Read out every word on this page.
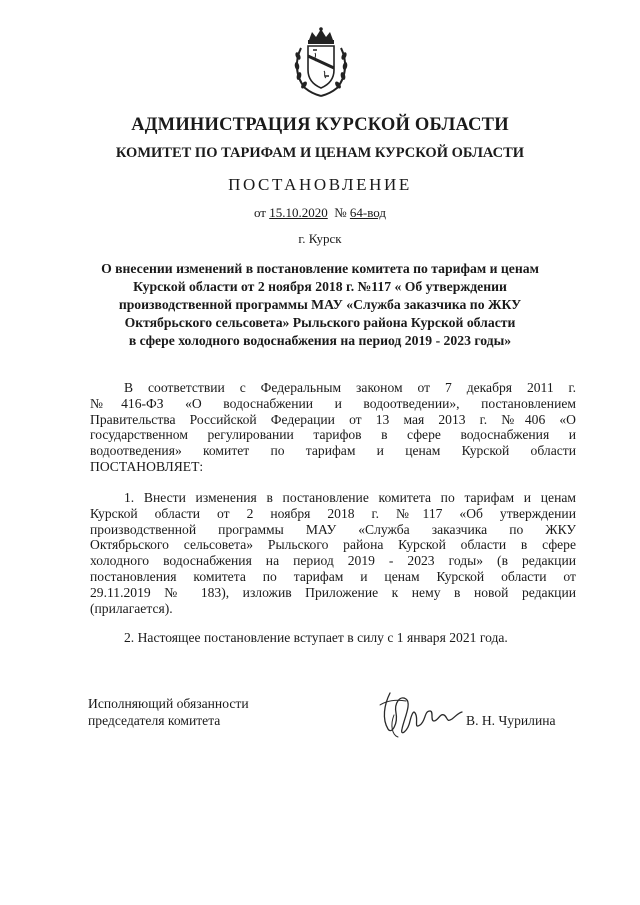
АДМИНИСТРАЦИЯ КУРСКОЙ ОБЛАСТИ
КОМИТЕТ ПО ТАРИФАМ И ЦЕНАМ КУРСКОЙ ОБЛАСТИ
ПОСТАНОВЛЕНИЕ
от 15.10.2020 № 64-вод
г. Курск
О внесении изменений в постановление комитета по тарифам и ценам
Курской области от 2 ноября 2018 г. №117 « Об утверждении
производственной программы МАУ «Служба заказчика по ЖКУ
Октябрьского сельсовета» Рыльского района Курской области
в сфере холодного водоснабжения на период 2019 - 2023 годы»
В соответствии с Федеральным законом от 7 декабря 2011 г.
№416-ФЗ «О водоснабжении и водоотведении», постановлением
Правительства Российской Федерации от 13 мая 2013 г. №406 «О
государственном регулировании тарифов в сфере водоснабжения и
водоотведения» комитет по тарифам и ценам Курской области
ПОСТАНОВЛЯЕТ:
1. Внести изменения в постановление комитета по тарифам и ценам
Курской области от 2 ноября 2018 г. №117 «Об утверждении
производственной программы МАУ «Служба заказчика по ЖКУ
Октябрьского сельсовета» Рыльского района Курской области в сфере
холодного водоснабжения на период 2019 - 2023 годы» (в редакции
постановления комитета по тарифам и ценам Курской области от
29.11.2019 № 183), изложив Приложение к нему в новой редакции
(прилагается).

2. Настоящее постановление вступает в силу с 1 января 2021 года.

Исполняющий обязанности
председателя комитета	В. Н. Чурилина
